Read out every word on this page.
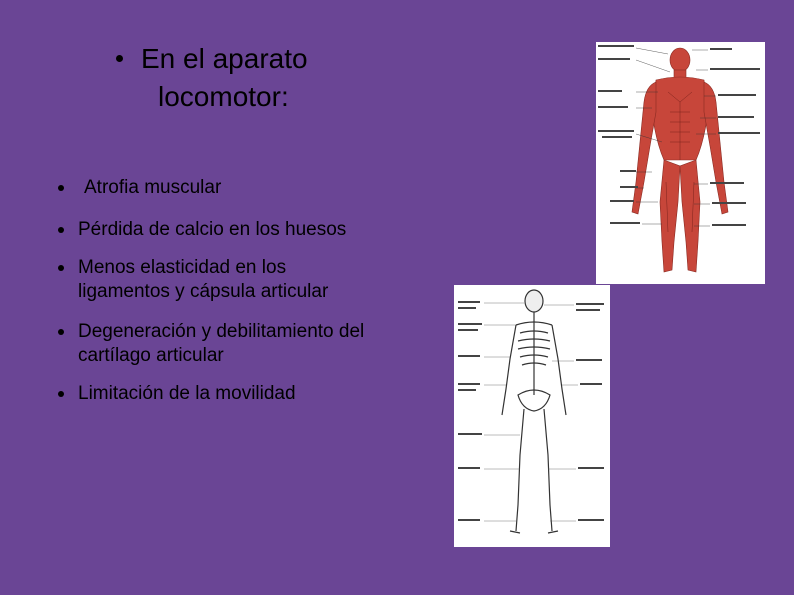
En el aparato
locomotor:
Atrofia muscular
Pérdida de calcio en los huesos
Menos elasticidad en los ligamentos y cápsula articular
Degeneración y debilitamiento del cartílago articular
Limitación de la movilidad
